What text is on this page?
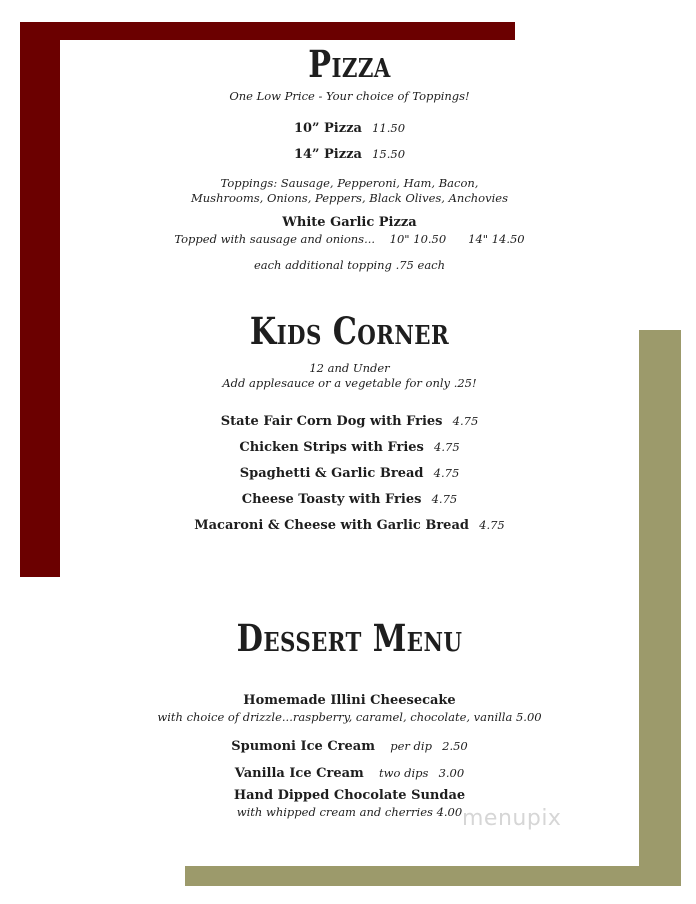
Pizza
One Low Price - Your choice of Toppings!
10” Pizza 11.50
14” Pizza 15.50
Toppings: Sausage, Pepperoni, Ham, Bacon,
Mushrooms, Onions, Peppers, Black Olives, Anchovies
White Garlic Pizza
Topped with sausage and onions... 10" 10.50 14" 14.50
each additional topping .75 each
Kids Corner
12 and Under
Add applesauce or a vegetable for only .25!
State Fair Corn Dog with Fries 4.75
Chicken Strips with Fries 4.75
Spaghetti & Garlic Bread 4.75
Cheese Toasty with Fries 4.75
Macaroni & Cheese with Garlic Bread 4.75
Dessert Menu
Homemade Illini Cheesecake
with choice of drizzle...raspberry, caramel, chocolate, vanilla 5.00
Spumoni Ice Cream per dip 2.50
Vanilla Ice Cream two dips 3.00
Hand Dipped Chocolate Sundae
with whipped cream and cherries 4.00 menupix
